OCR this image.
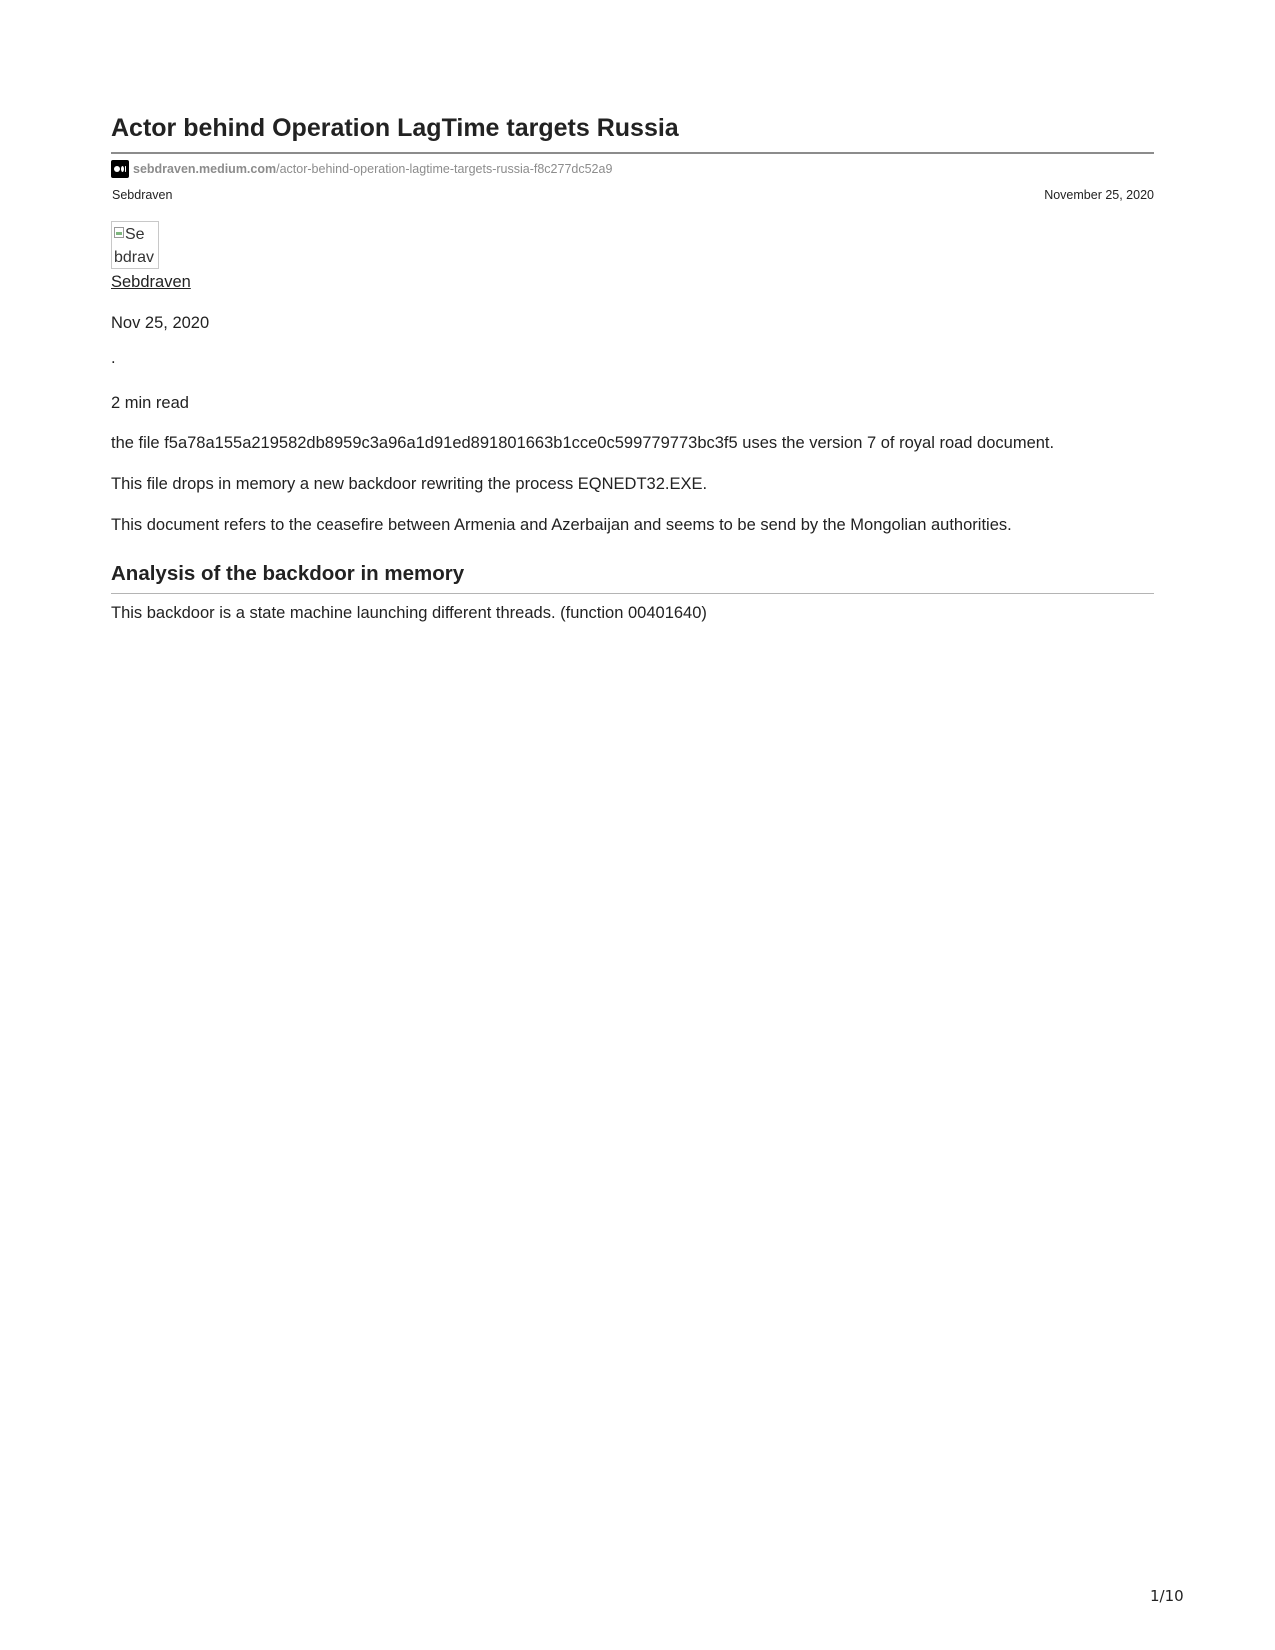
Actor behind Operation LagTime targets Russia
sebdraven.medium.com /actor-behind-operation-lagtime-targets-russia-f8c277dc52a9
Sebdraven	November 25, 2020
Se
bdrav
Sebdraven
Nov 25, 2020
.
2 min read

the file f5a78a155a219582db8959c3a96a1d91ed891801663b1cce0c599779773bc3f5 uses the version 7 of royal road document.

This file drops in memory a new backdoor rewriting the process EQNEDT32.EXE.

This document refers to the ceasefire between Armenia and Azerbaijan and seems to be send by the Mongolian authorities.

Analysis of the backdoor in memory

This backdoor is a state machine launching different threads. (function 00401640)

1/10
